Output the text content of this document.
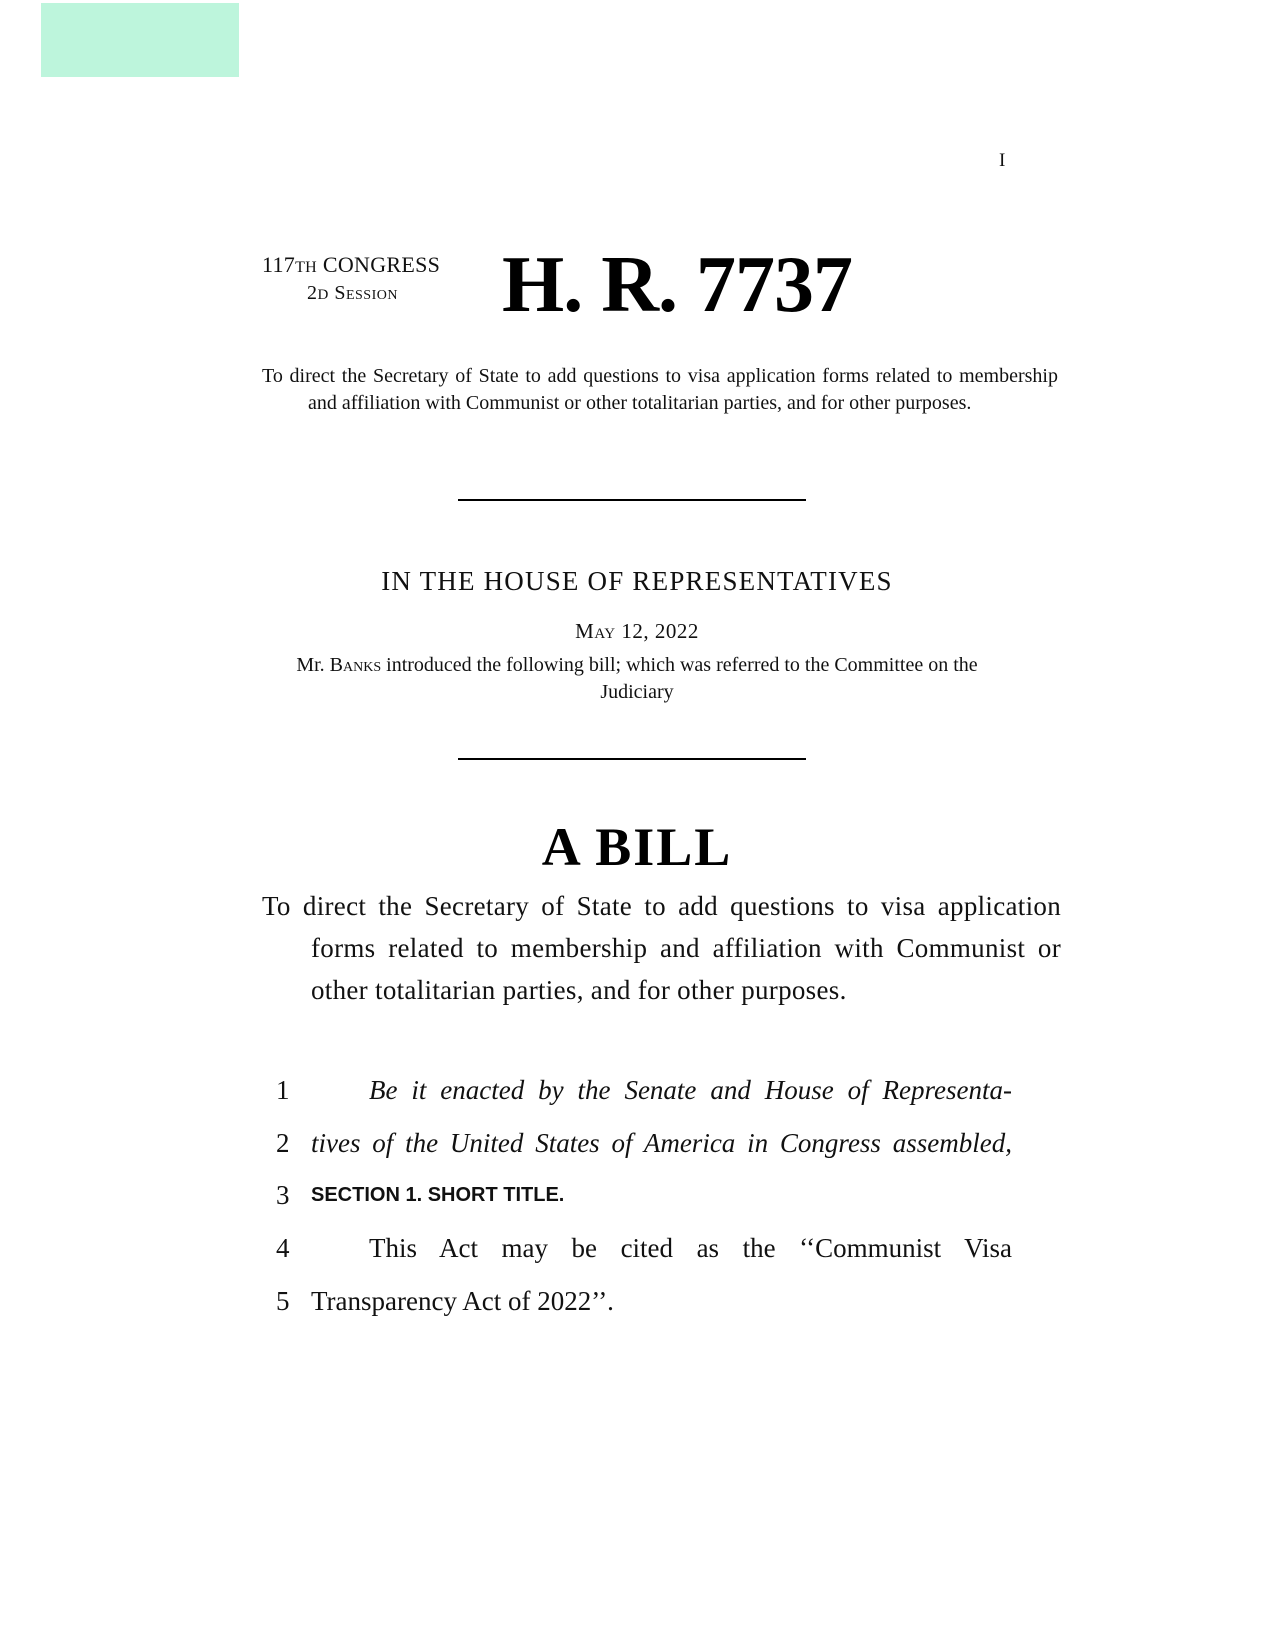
I
117TH CONGRESS
2D Session	H. R. 7737
To direct the Secretary of State to add questions to visa application forms related to membership and affiliation with Communist or other totalitarian parties, and for other purposes.
IN THE HOUSE OF REPRESENTATIVES
May 12, 2022
Mr. Banks introduced the following bill; which was referred to the Committee on the Judiciary
A BILL
To direct the Secretary of State to add questions to visa application forms related to membership and affiliation with Communist or other totalitarian parties, and for other purposes.
1	Be it enacted by the Senate and House of Representa-
2 tives of the United States of America in Congress assembled,
3	SECTION 1. SHORT TITLE.
4	This Act may be cited as the ‘‘Communist Visa
5 Transparency Act of 2022’’.
